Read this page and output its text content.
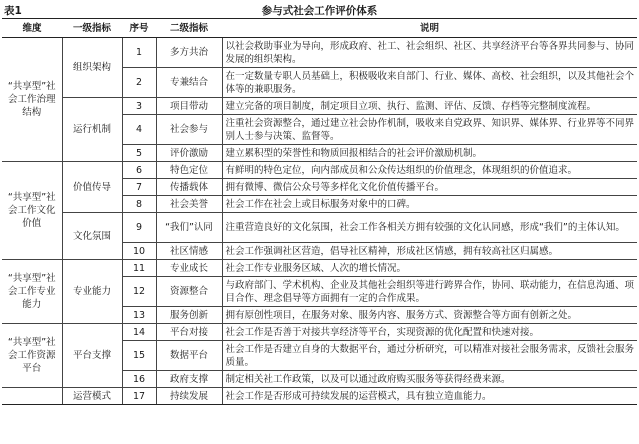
表1	参与式社会工作评价体系
维度	一级指标	序号	二级指标	说明
“共享型”社会工作治理结构	组织架构	1	多方共治	以社会救助事业为导向，形成政府、社工、社会组织、社区、共享经济平台等各界共同参与、协同发展的组织架构。
		2	专兼结合	在一定数量专职人员基础上，积极吸收来自部门、行业、媒体、高校、社会组织，以及其他社会个体等的兼职服务。
	运行机制	3	项目带动	建立完备的项目制度，制定项目立项、执行、监测、评估、反馈、存档等完整制度流程。
		4	社会参与	注重社会资源整合，通过建立社会协作机制，吸收来自党政界、知识界、媒体界、行业界等不同界别人士参与决策、监督等。
		5	评价激励	建立累积型的荣誉性和物质回报相结合的社会评价激励机制。
“共享型”社会工作文化价值	价值传导	6	特色定位	有鲜明的特色定位，向内部成员和公众传达组织的价值理念，体现组织的价值追求。
		7	传播载体	拥有微博、微信公众号等多样化文化价值传播平台。
		8	社会美誉	社会工作在社会上或目标服务对象中的口碑。
	文化氛围	9	“我们”认同	注重营造良好的文化氛围，社会工作各相关方拥有较强的文化认同感，形成“我们”的主体认知。
		10	社区情感	社会工作强调社区营造，倡导社区精神，形成社区情感，拥有较高社区归属感。
“共享型”社会工作专业能力	专业能力	11	专业成长	社会工作专业服务区域、人次的增长情况。
		12	资源整合	与政府部门、学术机构、企业及其他社会组织等进行跨界合作，协同、联动能力，在信息沟通、项目合作、理念倡导等方面拥有一定的合作成果。
		13	服务创新	拥有原创性项目，在服务对象、服务内容、服务方式、资源整合等方面有创新之处。
“共享型”社会工作资源平台	平台支撑	14	平台对接	社会工作是否善于对接共享经济等平台，实现资源的优化配置和快速对接。
		15	数据平台	社会工作是否建立自身的大数据平台，通过分析研究，可以精准对接社会服务需求，反馈社会服务质量。
		16	政府支撑	制定相关社工作政策，以及可以通过政府购买服务等获得经费来源。
	运营模式	17	持续发展	社会工作是否形成可持续发展的运营模式，具有独立造血能力。
